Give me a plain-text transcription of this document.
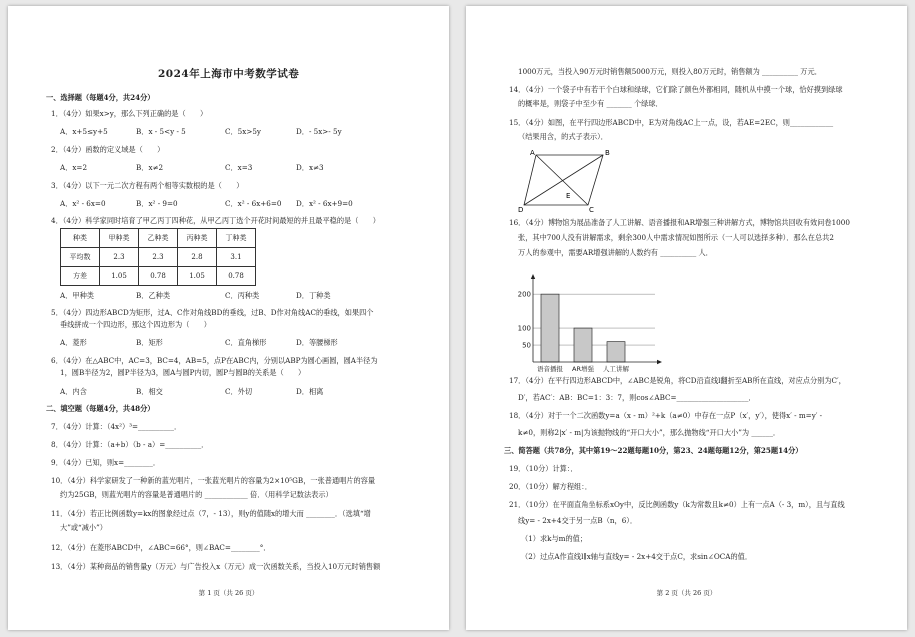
2024年上海市中考数学试卷
一、选择题（每题4分，共24分）
1．（4分）如果x>y，那么下列正确的是（　　）
A．x+5≤y+5	B．x - 5<y - 5	C．5x>5y	D．- 5x>- 5y
2．（4分）函数的定义域是（　　）
A．x=2	B．x≠2	C．x=3	D．x≠3
3．（4分）以下一元二次方程有两个相等实数根的是（　　）
A．x² - 6x=0	B．x² - 9=0	C．x² - 6x+6=0 D．x² - 6x+9=0
4．（4分）科学家同时培育了甲乙丙丁四种花，从甲乙丙丁选个开花时间最短的并且最平稳的是（　　）
种类	甲种类	乙种类	丙种类	丁种类
平均数	2.3	2.3	2.8	3.1
方差	1.05	0.78	1.05	0.78
A．甲种类	B．乙种类	C．丙种类	D．丁种类
5．（4分）四边形ABCD为矩形，过A、C作对角线BD的垂线，过B、D作对角线AC的垂线，如果四个
垂线拼成一个四边形，那这个四边形为（　　）
A．菱形	B．矩形	C．直角梯形	D．等腰梯形
6．（4分）在△ABC中，AC=3，BC=4，AB=5，点P在ABC内，分别以ABP为圆心画圆，圆A半径为
1，圆B半径为2，圆P半径为3，圆A与圆P内切，圆P与圆B的关系是（　　）
A．内含	B．相交	C．外切	D．相离
二、填空题（每题4分，共48分）
7．（4分）计算：（4x²）³=__________．
8．（4分）计算：（a+b）（b - a）=__________．
9．（4分）已知，则x=________．
10．（4分）科学家研发了一种新的蓝光唱片，一张蓝光唱片的容量为2×10⁵GB，一张普通唱片的容量
约为25GB，则蓝光唱片的容量是普通唱片的 ____________ 倍．（用科学记数法表示）
11．（4分）若正比例函数y=kx的图象经过点（7，- 13），则y的值随x的增大而 ________．（选填“增
大”或“减小”）
12．（4分）在菱形ABCD中，∠ABC=66°，则∠BAC=________°．
13．（4分）某种商品的销售量y（万元）与广告投入x（万元）成一次函数关系，当投入10万元时销售额
第 1 页（共 26 页）
1000万元，当投入90万元时销售额5000万元，则投入80万元时，销售额为 __________ 万元．
14．（4分）一个袋子中有若干个白球和绿球，它们除了颜色外都相同，随机从中摸一个球，恰好摸到绿球
的概率是，则袋子中至少有 _______ 个绿球．
15．（4分）如图，在平行四边形ABCD中，E为对角线AC上一点，设，若AE=2EC，则____________
（结果用含，的式子表示）．
A	B
C
D
E
16．（4分）博物馆为展品准备了人工讲解、语音播报和AR增强三种讲解方式，博物馆共回收有效问卷1000
张，其中700人没有讲解需求，剩余300人中需求情况如图所示（一人可以选择多种）．那么在总共2
万人的参观中，需要AR增强讲解的人数约有 __________ 人．
50
100
200
语音播报 AR增强 人工讲解
17．（4分）在平行四边形ABCD中，∠ABC是锐角，将CD沿直线l翻折至AB所在直线，对应点分别为C′，
D′，若AC′：AB：BC=1：3：7，则cos∠ABC=____________________．
18．（4分）对于一个二次函数y=a（x - m）²+k（a≠0）中存在一点P（x′，y′），使得x′ - m=y′ -
k≠0，则称2|x′ - m|为该抛物线的“开口大小”，那么抛物线“开口大小”为 ______．
三、简答题（共78分，其中第19～22题每题10分，第23、24题每题12分，第25题14分）
19．（10分）计算：．
20．（10分）解方程组：．
21．（10分）在平面直角坐标系xOy中，反比例函数y（k为常数且k≠0）上有一点A（- 3，m），且与直线
线y= - 2x+4交于另一点B（n，6）．
（1）求k与m的值；
（2）过点A作直线l∥x轴与直线y= - 2x+4交于点C，求sin∠OCA的值．
第 2 页（共 26 页）
